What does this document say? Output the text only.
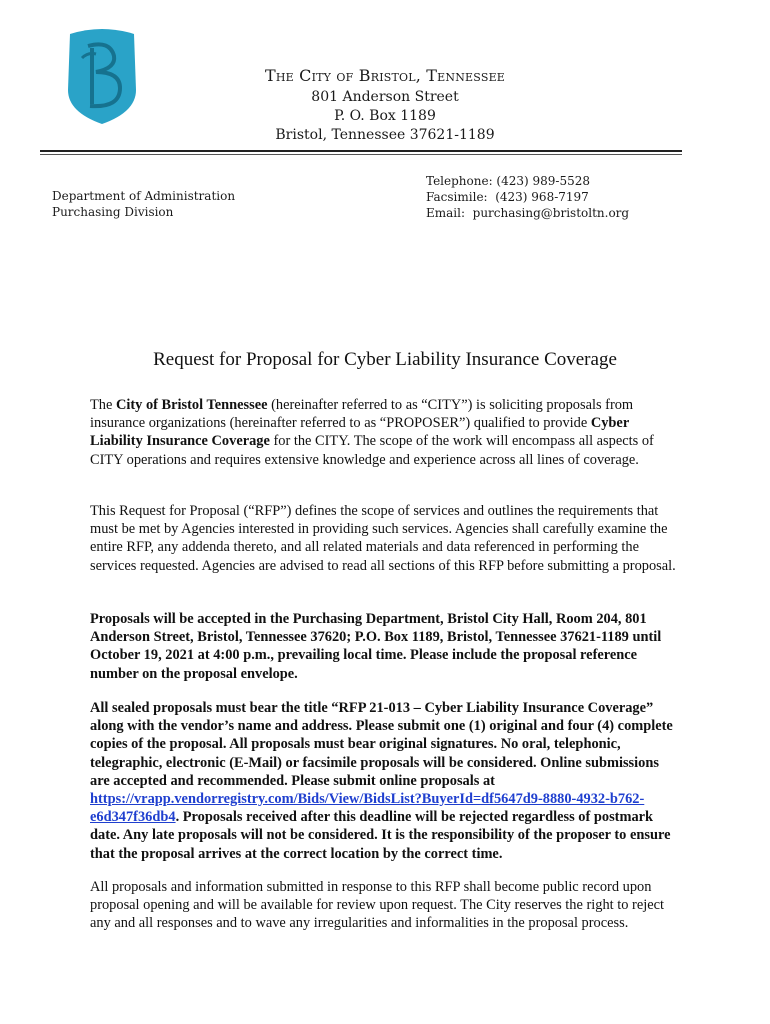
The City of Bristol, Tennessee
801 Anderson Street
P. O. Box 1189
Bristol, Tennessee 37621-1189
Department of Administration
Purchasing Division
Telephone: (423) 989-5528
Facsimile:  (423) 968-7197
Email:  purchasing@bristoltn.org
Request for Proposal for Cyber Liability Insurance Coverage

The City of Bristol Tennessee (hereinafter referred to as “CITY”) is soliciting proposals from insurance organizations (hereinafter referred to as “PROPOSER”) qualified to provide Cyber Liability Insurance Coverage for the CITY. The scope of the work will encompass all aspects of CITY operations and requires extensive knowledge and experience across all lines of coverage.

This Request for Proposal (“RFP”) defines the scope of services and outlines the requirements that must be met by Agencies interested in providing such services. Agencies shall carefully examine the entire RFP, any addenda thereto, and all related materials and data referenced in performing the services requested. Agencies are advised to read all sections of this RFP before submitting a proposal.

Proposals will be accepted in the Purchasing Department, Bristol City Hall, Room 204, 801 Anderson Street, Bristol, Tennessee 37620; P.O. Box 1189, Bristol, Tennessee 37621-1189 until October 19, 2021 at 4:00 p.m., prevailing local time. Please include the proposal reference number on the proposal envelope.

All sealed proposals must bear the title “RFP 21-013 – Cyber Liability Insurance Coverage” along with the vendor’s name and address. Please submit one (1) original and four (4) complete copies of the proposal. All proposals must bear original signatures. No oral, telephonic, telegraphic, electronic (E-Mail) or facsimile proposals will be considered. Online submissions are accepted and recommended. Please submit online proposals at https://vrapp.vendorregistry.com/Bids/View/BidsList?BuyerId=df5647d9-8880-4932-b762-e6d347f36db4. Proposals received after this deadline will be rejected regardless of postmark date. Any late proposals will not be considered. It is the responsibility of the proposer to ensure that the proposal arrives at the correct location by the correct time.

All proposals and information submitted in response to this RFP shall become public record upon proposal opening and will be available for review upon request. The City reserves the right to reject any and all responses and to wave any irregularities and informalities in the proposal process.
